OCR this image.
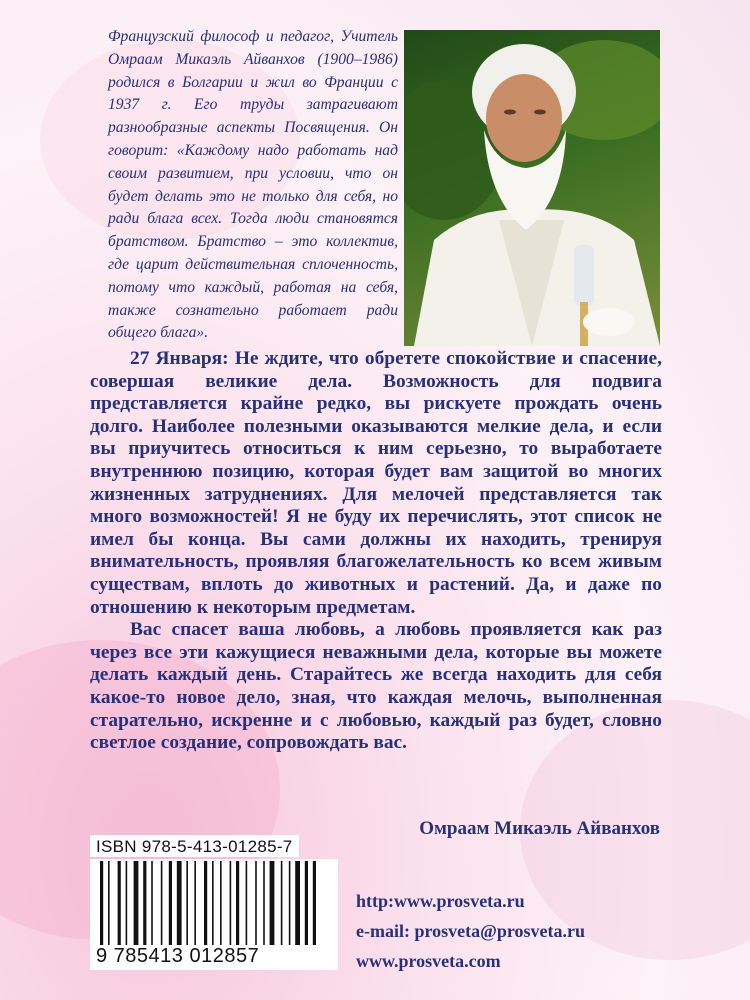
Французский философ и педагог, Учитель Омраам Микаэль Айванхов (1900–1986) родился в Болгарии и жил во Франции с 1937 г. Его труды затрагивают разнообразные аспекты Посвящения. Он говорит: «Каждому надо работать над своим развитием, при условии, что он будет делать это не только для себя, но ради блага всех. Тогда люди становятся братством. Братство – это коллектив, где царит действительная сплоченность, потому что каждый, работая на себя, также сознательно работает ради общего блага».

27 Января: Не ждите, что обретете спокойствие и спасение, совершая великие дела. Возможность для подвига представляется крайне редко, вы рискуете прождать очень долго. Наиболее полезными оказываются мелкие дела, и если вы приучитесь относиться к ним серьезно, то выработаете внутреннюю позицию, которая будет вам защитой во многих жизненных затруднениях. Для мелочей представляется так много возможностей! Я не буду их перечислять, этот список не имел бы конца. Вы сами должны их находить, тренируя внимательность, проявляя благожелательность ко всем живым существам, вплоть до животных и растений. Да, и даже по отношению к некоторым предметам.

Вас спасет ваша любовь, а любовь проявляется как раз через все эти кажущиеся неважными дела, которые вы можете делать каждый день. Старайтесь же всегда находить для себя какое-то новое дело, зная, что каждая мелочь, выполненная старательно, искренне и с любовью, каждый раз будет, словно светлое создание, сопровождать вас.

Омраам Микаэль Айванхов

ISBN 978-5-413-01285-7
9 785413 012857

http:www.prosveta.ru

e-mail: prosveta@prosveta.ru

www.prosveta.com
